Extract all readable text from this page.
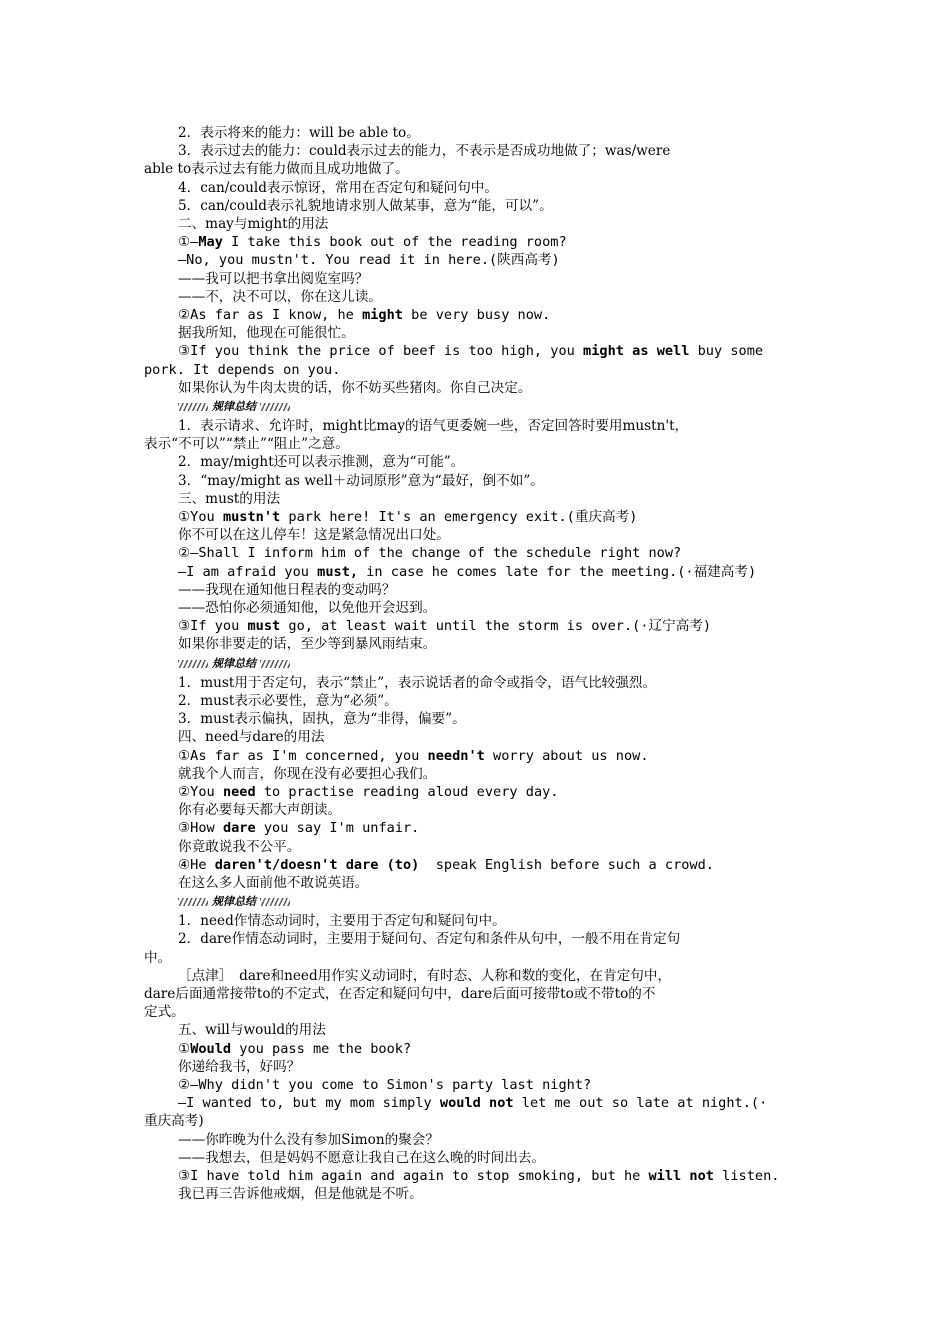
2．表示将来的能力：will be able to。
3．表示过去的能力：could表示过去的能力，不表示是否成功地做了；was/were
able to表示过去有能力做而且成功地做了。
4．can/could表示惊讶，常用在否定句和疑问句中。
5．can/could表示礼貌地请求别人做某事，意为“能，可以”。
二、may与might的用法
①—May I take this book out of the reading room?
—No, you mustn't. You read it in here.(陕西高考)
——我可以把书拿出阅览室吗？
——不，决不可以，你在这儿读。
②As far as I know, he might be very busy now.
据我所知，他现在可能很忙。
③If you think the price of beef is too high, you might as well buy some
pork. It depends on you.
如果你认为牛肉太贵的话，你不妨买些猪肉。你自己决定。
规律总结
1．表示请求、允许时，might比may的语气更委婉一些，否定回答时要用mustn't，
表示“不可以”“禁止”“阻止”之意。
2．may/might还可以表示推测，意为“可能”。
3．“may/might as well＋动词原形”意为“最好，倒不如”。
三、must的用法
①You mustn't park here! It's an emergency exit.(重庆高考)
你不可以在这儿停车！这是紧急情况出口处。
②—Shall I inform him of the change of the schedule right now?
—I am afraid you must, in case he comes late for the meeting.(·福建高考)
——我现在通知他日程表的变动吗？
——恐怕你必须通知他，以免他开会迟到。
③If you must go, at least wait until the storm is over.(·辽宁高考)
如果你非要走的话，至少等到暴风雨结束。
规律总结
1．must用于否定句，表示“禁止”，表示说话者的命令或指令，语气比较强烈。
2．must表示必要性，意为“必须”。
3．must表示偏执，固执，意为“非得，偏要”。
四、need与dare的用法
①As far as I'm concerned, you needn't worry about us now.
就我个人而言，你现在没有必要担心我们。
②You need to practise reading aloud every day.
你有必要每天都大声朗读。
③How dare you say I'm unfair.
你竟敢说我不公平。
④He daren't/doesn't dare (to)  speak English before such a crowd.
在这么多人面前他不敢说英语。
规律总结
1．need作情态动词时，主要用于否定句和疑问句中。
2．dare作情态动词时，主要用于疑问句、否定句和条件从句中，一般不用在肯定句
中。
［点津］　dare和need用作实义动词时，有时态、人称和数的变化，在肯定句中，
dare后面通常接带to的不定式，在否定和疑问句中，dare后面可接带to或不带to的不
定式。
五、will与would的用法
①Would you pass me the book?
你递给我书，好吗？
②—Why didn't you come to Simon's party last night?
—I wanted to, but my mom simply would not let me out so late at night.(·
重庆高考)
——你昨晚为什么没有参加Simon的聚会？
——我想去，但是妈妈不愿意让我自己在这么晚的时间出去。
③I have told him again and again to stop smoking, but he will not listen.
我已再三告诉他戒烟，但是他就是不听。
